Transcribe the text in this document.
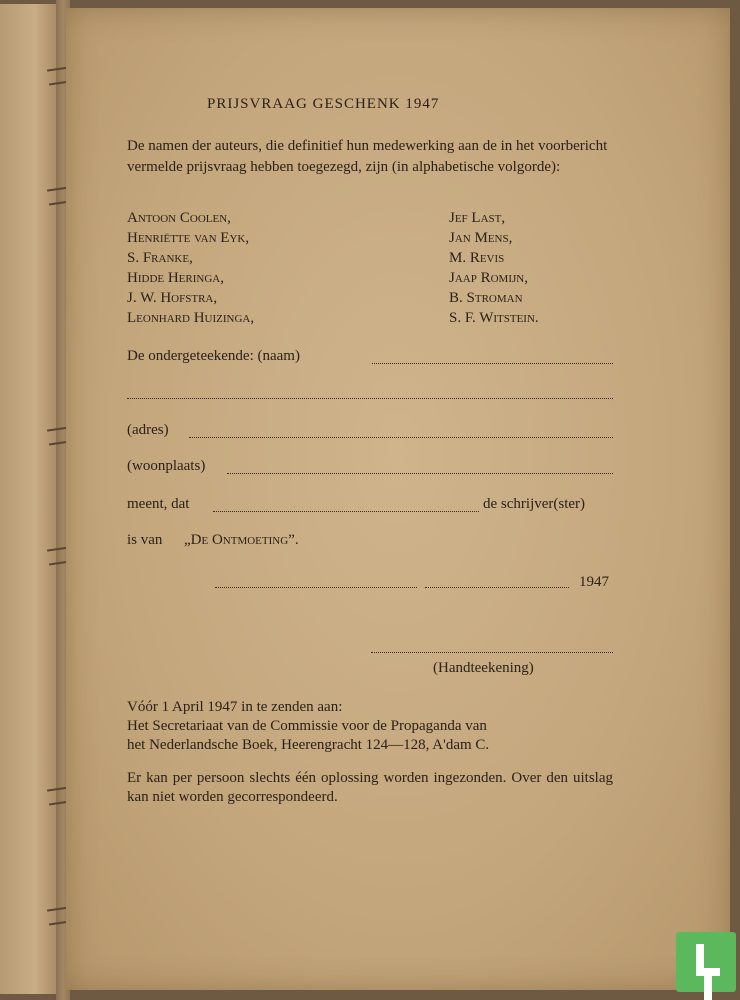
PRIJSVRAAG GESCHENK 1947
De namen der auteurs, die definitief hun medewerking aan de in het voorbericht vermelde prijsvraag hebben toegezegd, zijn (in alphabetische volgorde):
Antoon Coolen,
Henriëtte van Eyk,
S. Franke,
Hidde Heringa,
J. W. Hofstra,
Leonhard Huizinga,
Jef Last,
Jan Mens,
M. Revis
Jaap Romijn,
B. Stroman
S. F. Witstein.
De ondergeteekende: (naam)
(adres)
(woonplaats)
meent, dat	de schrijver(ster)
is van „De Ontmoeting”.
1947
(Handteekening)

Vóór 1 April 1947 in te zenden aan:

Het Secretariaat van de Commissie voor de Propaganda van

het Nederlandsche Boek, Heerengracht 124—128, A'dam C.

Er kan per persoon slechts één oplossing worden ingezonden. Over den uitslag kan niet worden gecorrespondeerd.
